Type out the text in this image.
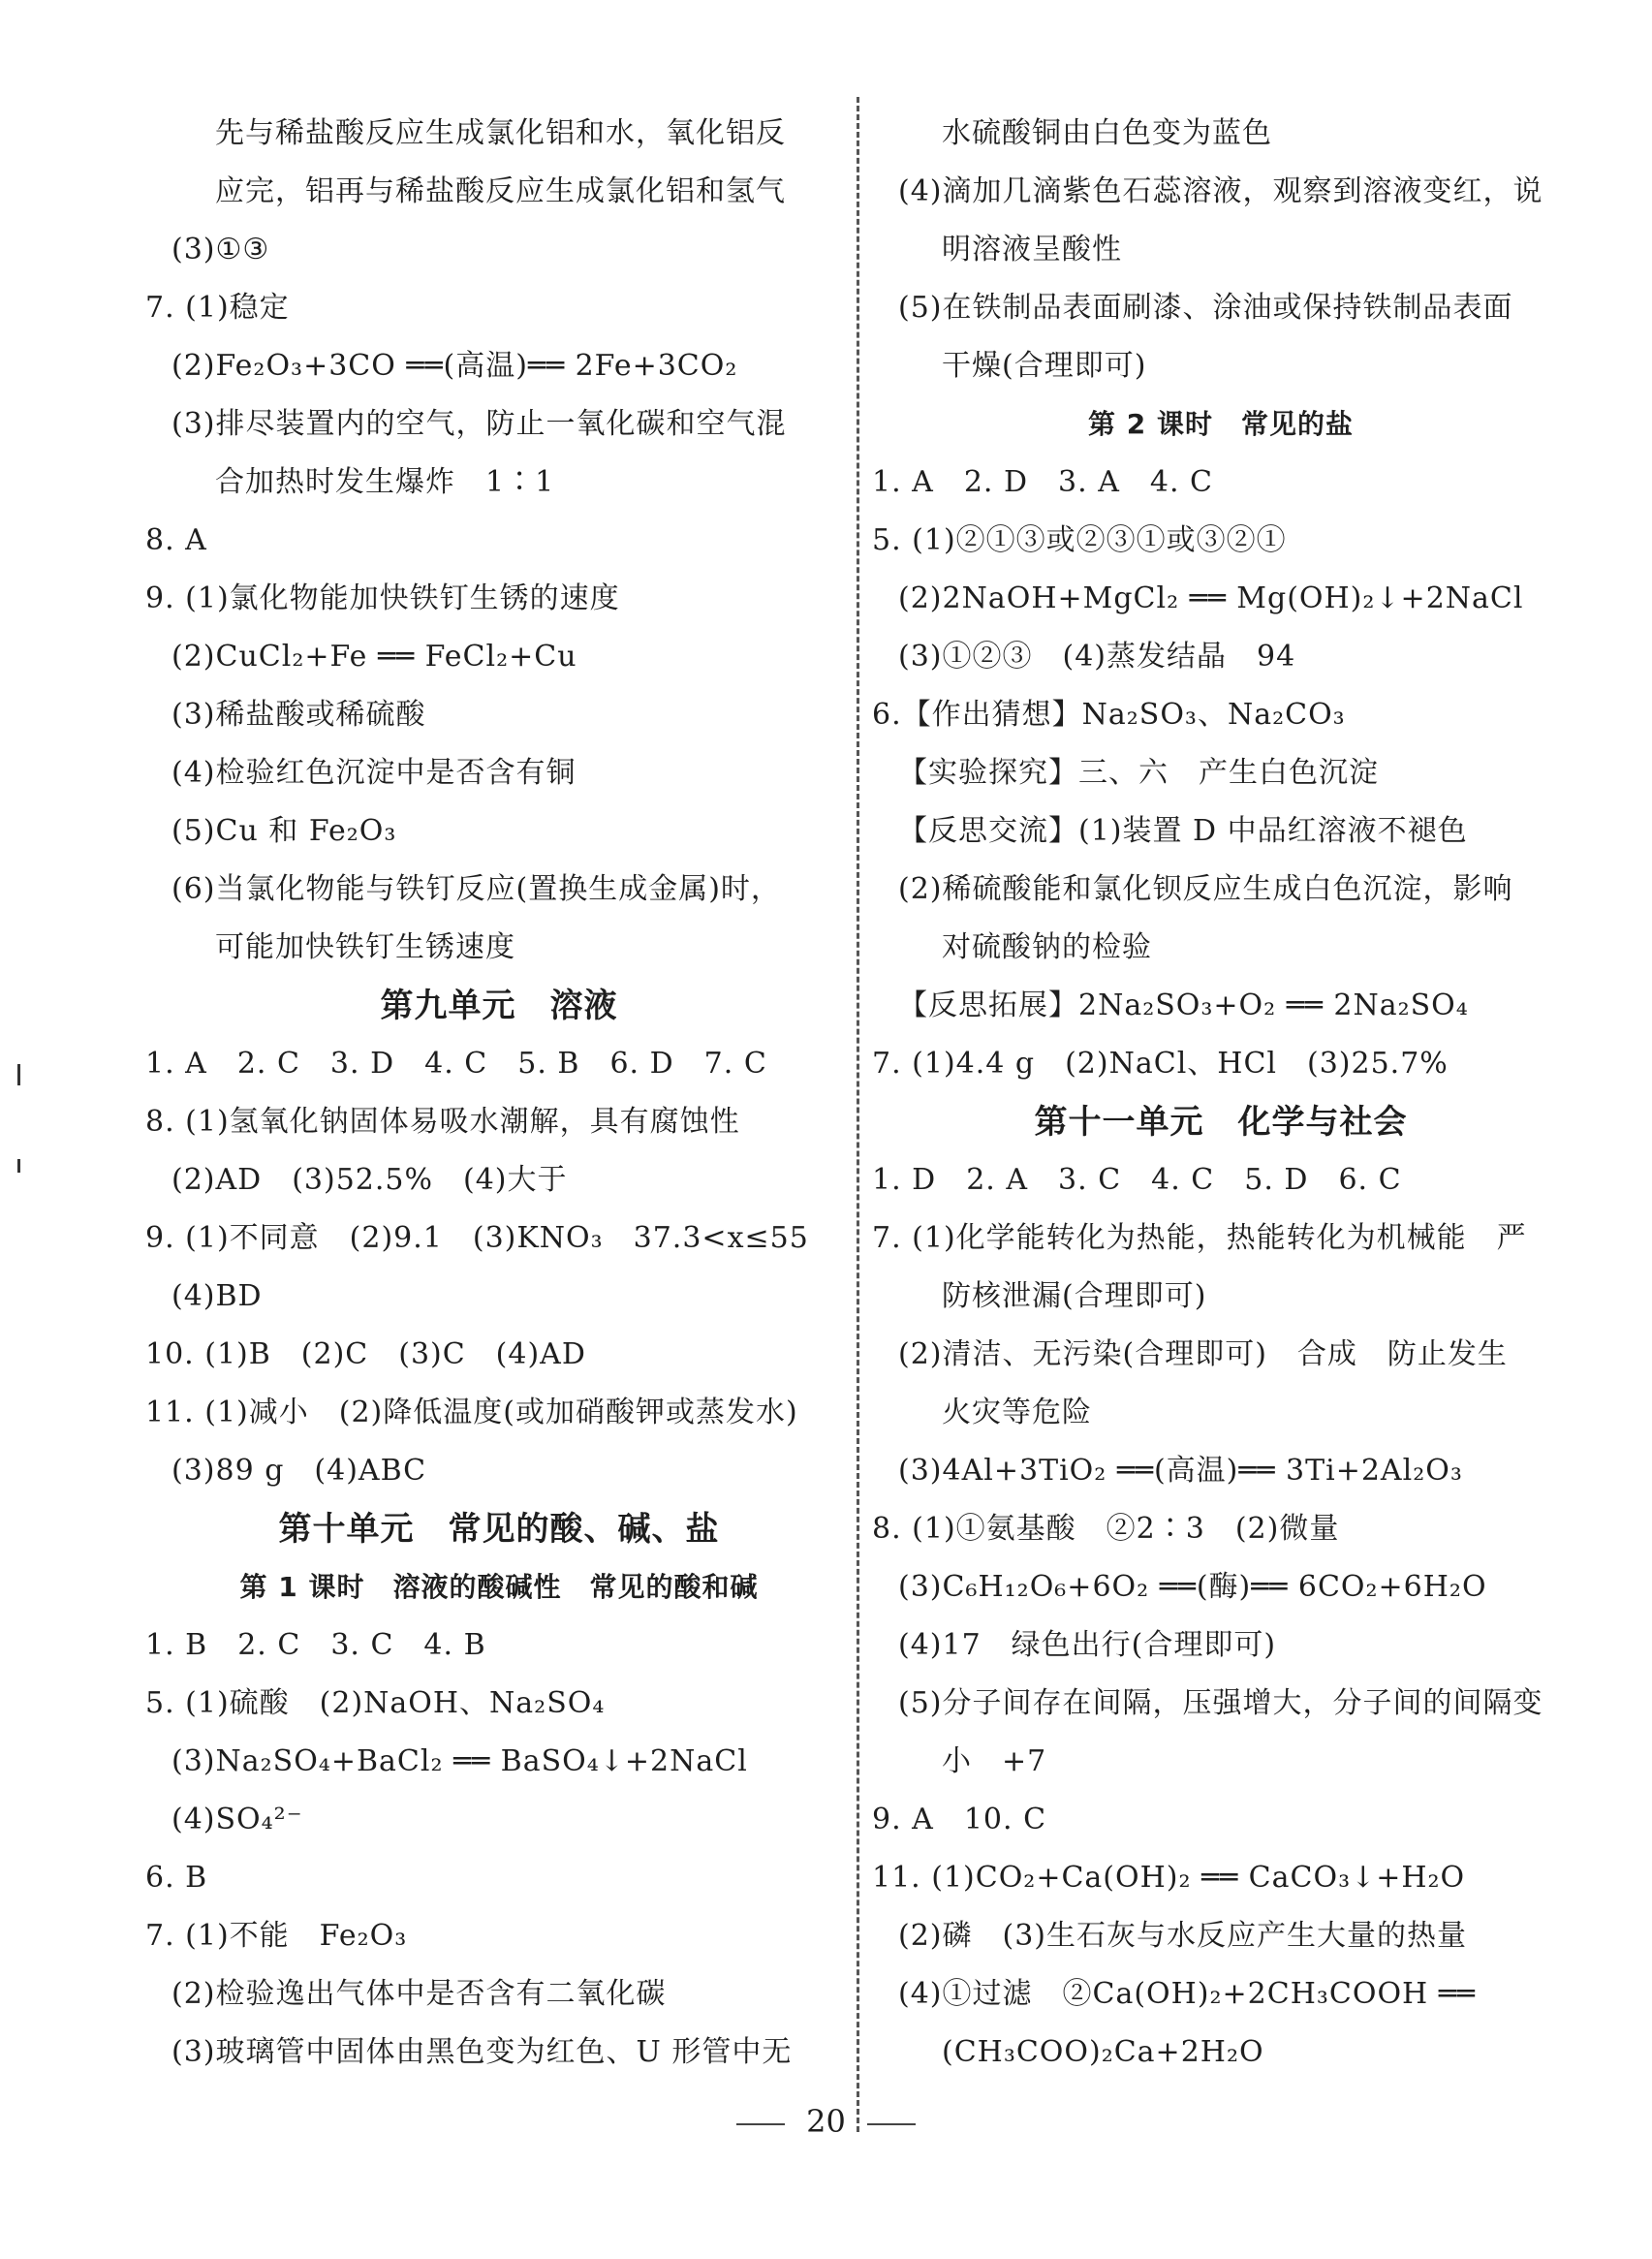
先与稀盐酸反应生成氯化铝和水，氧化铝反
应完，铝再与稀盐酸反应生成氯化铝和氢气
(3)①③
7. (1)稳定
(2)Fe₂O₃+3CO ══(高温)══ 2Fe+3CO₂
(3)排尽装置内的空气，防止一氧化碳和空气混
合加热时发生爆炸　1∶1
8. A
9. (1)氯化物能加快铁钉生锈的速度
(2)CuCl₂+Fe ══ FeCl₂+Cu
(3)稀盐酸或稀硫酸
(4)检验红色沉淀中是否含有铜
(5)Cu 和 Fe₂O₃
(6)当氯化物能与铁钉反应(置换生成金属)时，
可能加快铁钉生锈速度
第九单元　溶液
1. A　2. C　3. D　4. C　5. B　6. D　7. C
8. (1)氢氧化钠固体易吸水潮解，具有腐蚀性
(2)AD　(3)52.5%　(4)大于
9. (1)不同意　(2)9.1　(3)KNO₃　37.3<x≤55
(4)BD
10. (1)B　(2)C　(3)C　(4)AD
11. (1)减小　(2)降低温度(或加硝酸钾或蒸发水)
(3)89 g　(4)ABC
第十单元　常见的酸、碱、盐
第 1 课时　溶液的酸碱性　常见的酸和碱
1. B　2. C　3. C　4. B
5. (1)硫酸　(2)NaOH、Na₂SO₄
(3)Na₂SO₄+BaCl₂ ══ BaSO₄↓+2NaCl
(4)SO₄²⁻
6. B
7. (1)不能　Fe₂O₃
(2)检验逸出气体中是否含有二氧化碳
(3)玻璃管中固体由黑色变为红色、U 形管中无
水硫酸铜由白色变为蓝色
(4)滴加几滴紫色石蕊溶液，观察到溶液变红，说
明溶液呈酸性
(5)在铁制品表面刷漆、涂油或保持铁制品表面
干燥(合理即可)
第 2 课时　常见的盐
1. A　2. D　3. A　4. C
5. (1)②①③或②③①或③②①
(2)2NaOH+MgCl₂ ══ Mg(OH)₂↓+2NaCl
(3)①②③　(4)蒸发结晶　94
6.【作出猜想】Na₂SO₃、Na₂CO₃
【实验探究】三、六　产生白色沉淀
【反思交流】(1)装置 D 中品红溶液不褪色
(2)稀硫酸能和氯化钡反应生成白色沉淀，影响
对硫酸钠的检验
【反思拓展】2Na₂SO₃+O₂ ══ 2Na₂SO₄
7. (1)4.4 g　(2)NaCl、HCl　(3)25.7%
第十一单元　化学与社会
1. D　2. A　3. C　4. C　5. D　6. C
7. (1)化学能转化为热能，热能转化为机械能　严
防核泄漏(合理即可)
(2)清洁、无污染(合理即可)　合成　防止发生
火灾等危险
(3)4Al+3TiO₂ ══(高温)══ 3Ti+2Al₂O₃
8. (1)①氨基酸　②2∶3　(2)微量
(3)C₆H₁₂O₆+6O₂ ══(酶)══ 6CO₂+6H₂O
(4)17　绿色出行(合理即可)
(5)分子间存在间隔，压强增大，分子间的间隔变
小　+7
9. A　10. C
11. (1)CO₂+Ca(OH)₂ ══ CaCO₃↓+H₂O
(2)磷　(3)生石灰与水反应产生大量的热量
(4)①过滤　②Ca(OH)₂+2CH₃COOH ══
(CH₃COO)₂Ca+2H₂O
20
